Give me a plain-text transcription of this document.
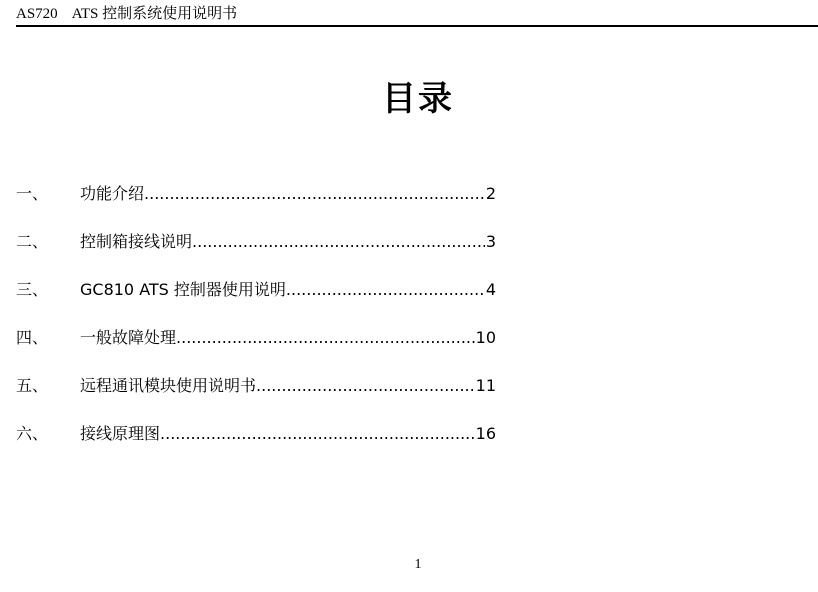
AS720 ATS 控制系统使用说明书
目录
一、	功能介绍 .....	2
二、	控制箱接线说明 .....	3
三、	GC810 ATS 控制器使用说明 .....	4
四、	一般故障处理 .....	10
五、	远程通讯模块使用说明书 .....	11
六、	接线原理图 .....	16
1
